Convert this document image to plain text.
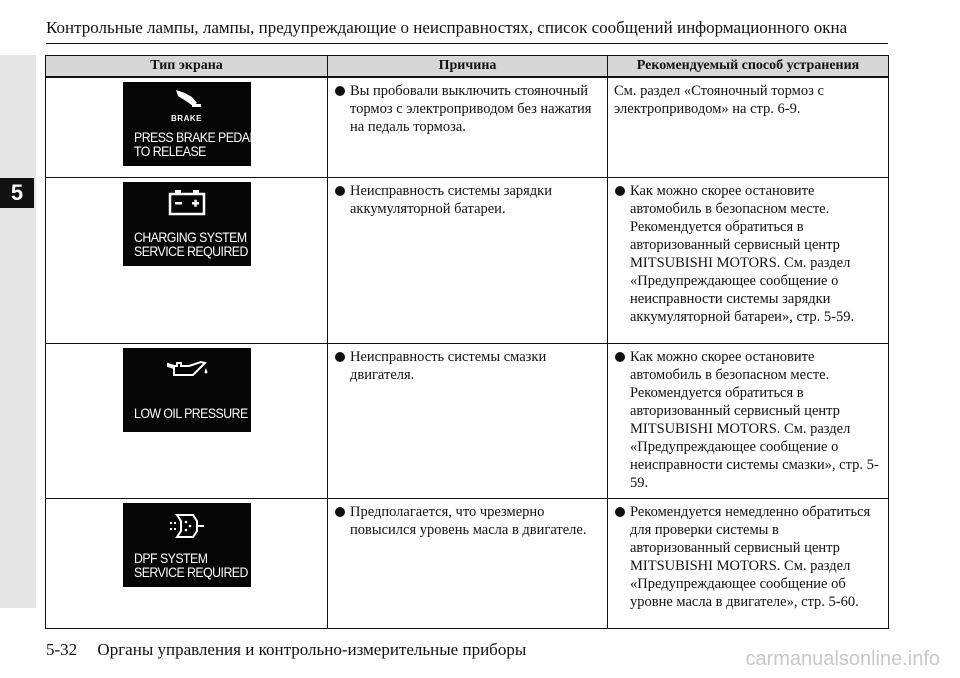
5
Контрольные лампы, лампы, предупреждающие о неисправностях, список сообщений информационного окна
Тип экрана	Причина	Рекомендуемый способ устранения

BRAKE
PRESS BRAKE PEDAL
TO RELEASE	Вы пробовали выключить стояночный тормоз с электроприводом без нажатия на педаль тормоза.	См. раздел «Стояночный тормоз с электроприводом» на стр. 6-9.

CHARGING SYSTEM
SERVICE REQUIRED	Неисправность системы зарядки аккумуляторной батареи.	Как можно скорее остановите автомобиль в безопасном месте. Рекомендуется обратиться в авторизованный сервисный центр MITSUBISHI MOTORS. См. раздел «Предупреждающее сообщение о неисправности системы зарядки аккумуляторной батареи», стр. 5-59.

LOW OIL PRESSURE	Неисправность системы смазки двигателя.	Как можно скорее остановите автомобиль в безопасном месте. Рекомендуется обратиться в авторизованный сервисный центр MITSUBISHI MOTORS. См. раздел «Предупреждающее сообщение о неисправности системы смазки», стр. 5-59.

DPF SYSTEM
SERVICE REQUIRED	Предполагается, что чрезмерно повысился уровень масла в двигателе.	Рекомендуется немедленно обратиться для проверки системы в авторизованный сервисный центр MITSUBISHI MOTORS. См. раздел «Предупреждающее сообщение об уровне масла в двигателе», стр. 5-60.
5-32 Органы управления и контрольно-измерительные приборы	carmanualsonline.info
